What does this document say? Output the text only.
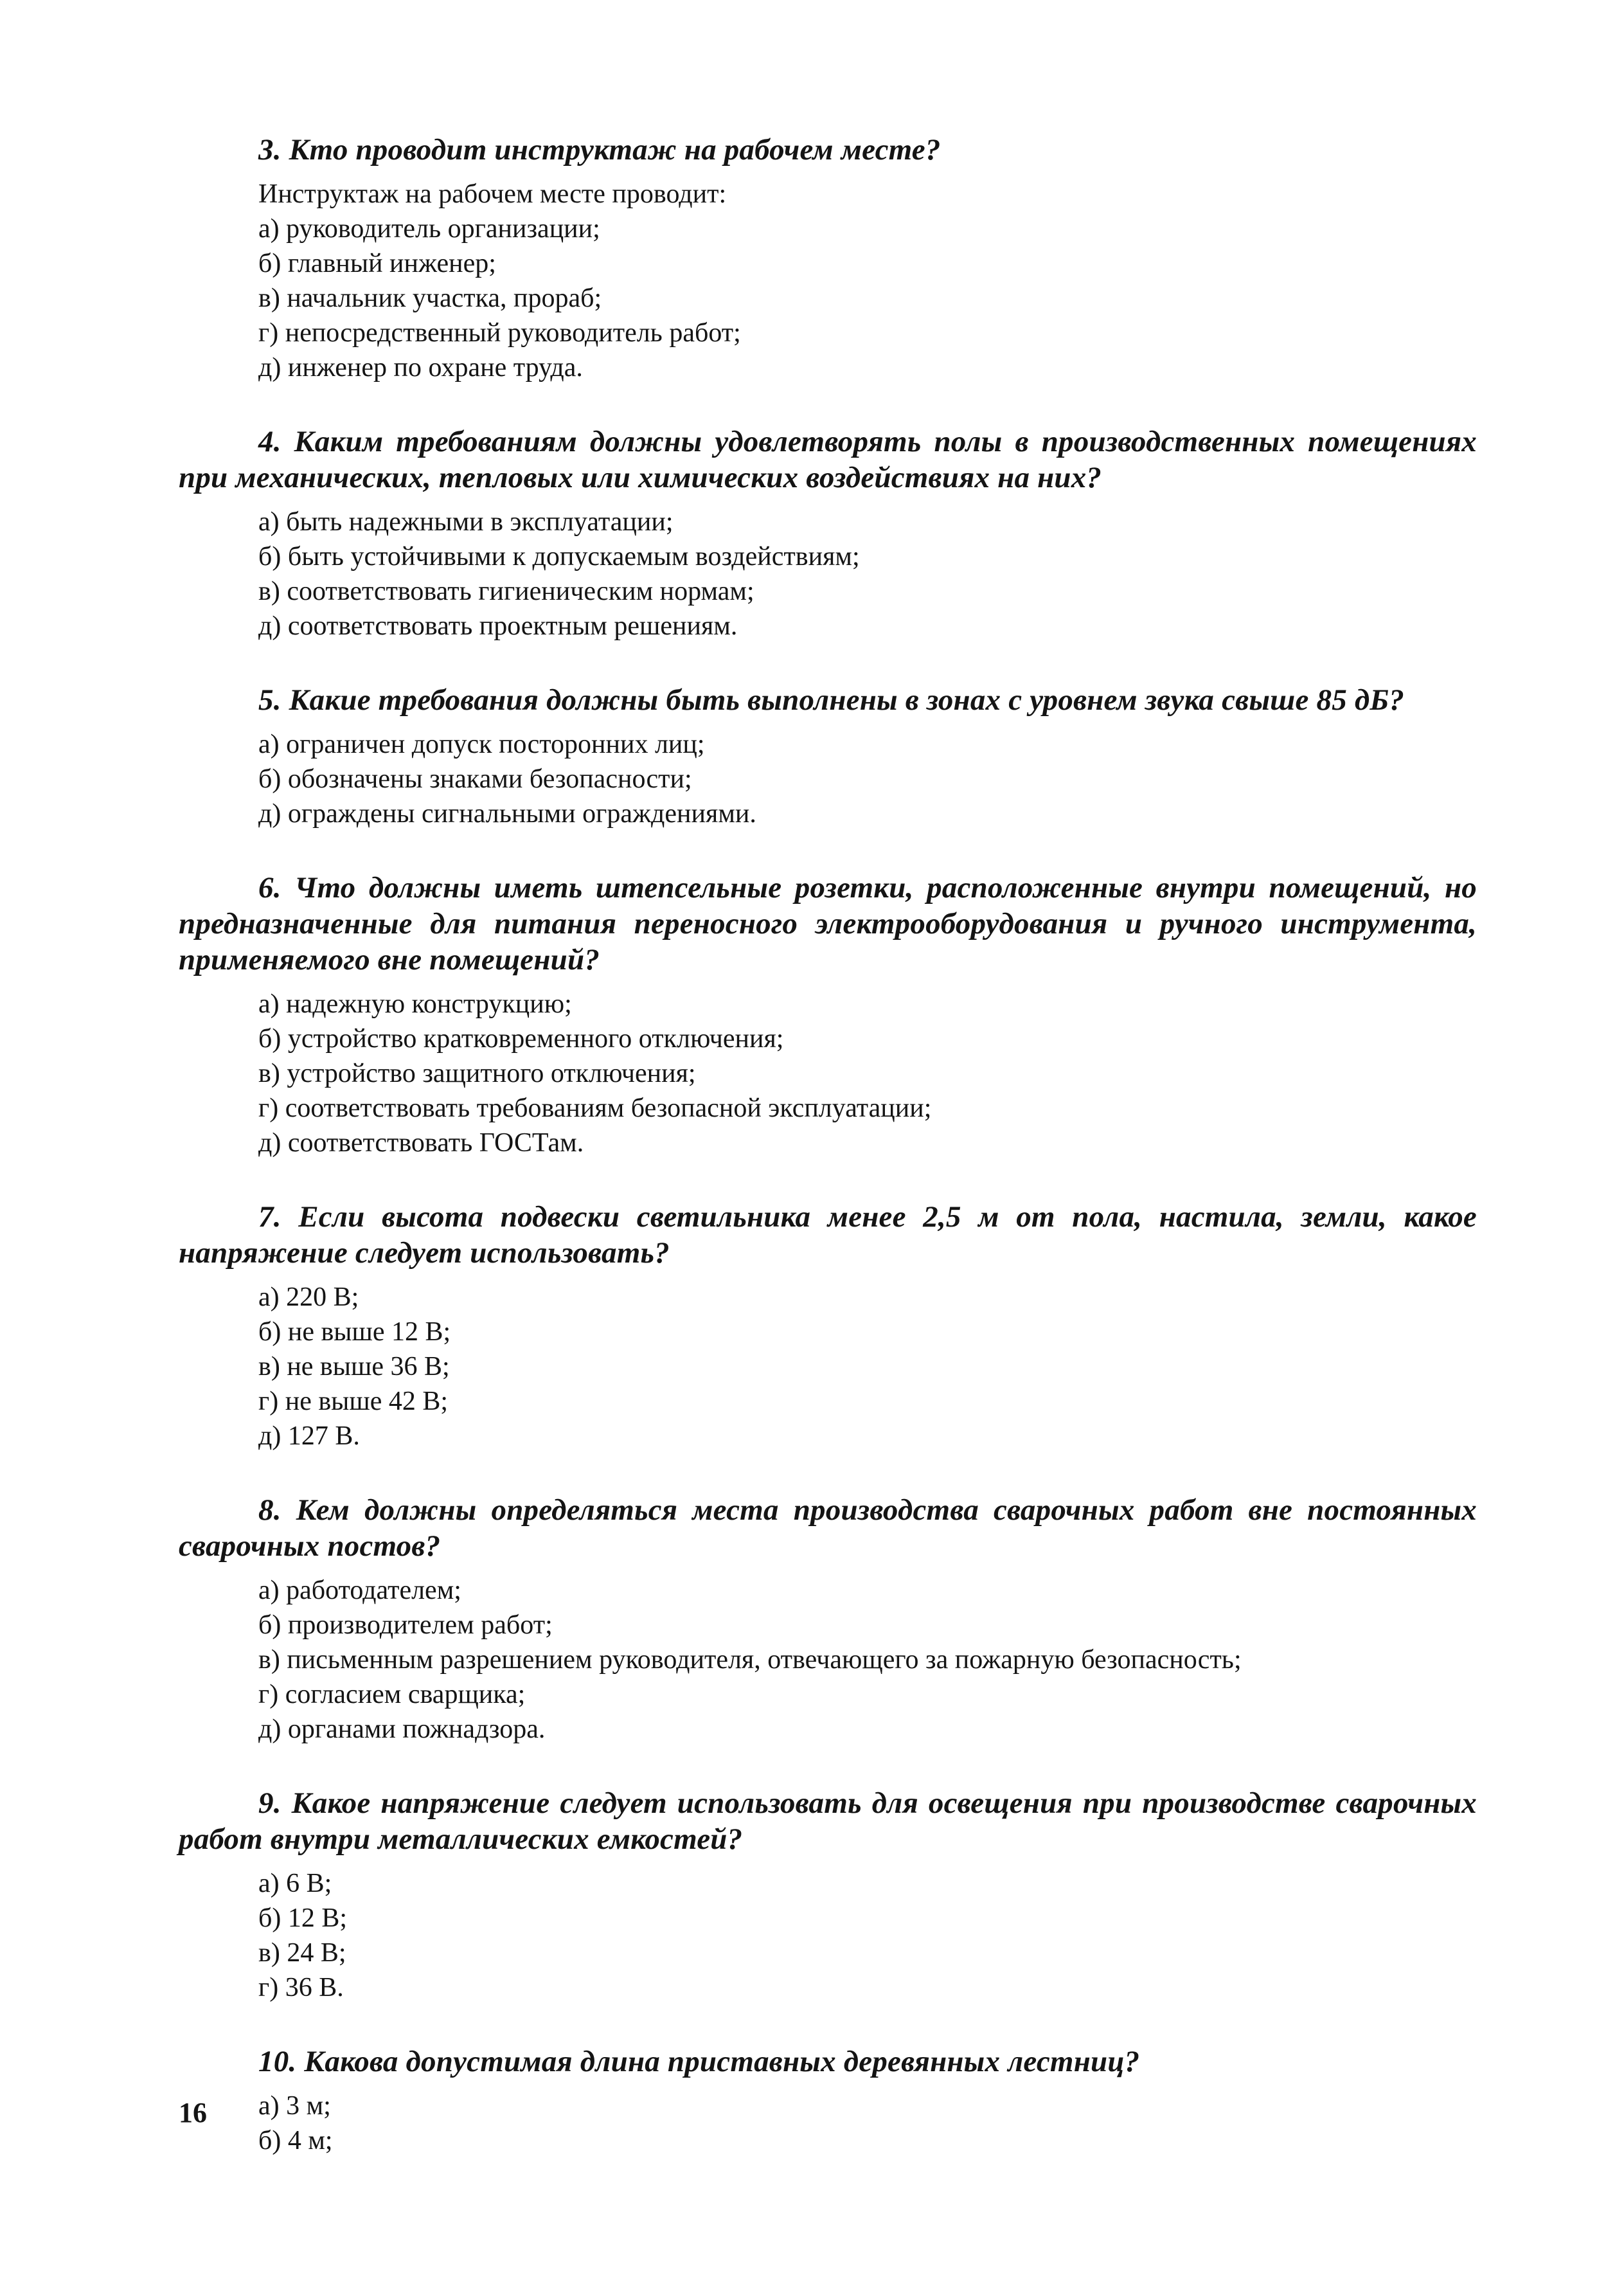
3. Кто проводит инструктаж на рабочем месте?

Инструктаж на рабочем месте проводит:

а) руководитель организации;
б) главный инженер;
в) начальник участка, прораб;
г) непосредственный руководитель работ;
д) инженер по охране труда.

4. Каким требованиям должны удовлетворять полы в производственных помещениях при механических, тепловых или химических воздействиях на них?

а) быть надежными в эксплуатации;
б) быть устойчивыми к допускаемым воздействиям;
в) соответствовать гигиеническим нормам;
д) соответствовать проектным решениям.

5. Какие требования должны быть выполнены в зонах с уровнем звука свыше 85 дБ?

а) ограничен допуск посторонних лиц;
б) обозначены знаками безопасности;
д) ограждены сигнальными ограждениями.

6. Что должны иметь штепсельные розетки, расположенные внутри помещений, но предназначенные для питания переносного электрооборудования и ручного инструмента, применяемого вне помещений?

а) надежную конструкцию;
б) устройство кратковременного отключения;
в) устройство защитного отключения;
г) соответствовать требованиям безопасной эксплуатации;
д) соответствовать ГОСТам.

7. Если высота подвески светильника менее 2,5 м от пола, настила, земли, какое напряжение следует использовать?

а) 220 В;
б) не выше 12 В;
в) не выше 36 В;
г) не выше 42 В;
д) 127 В.

8. Кем должны определяться места производства сварочных работ вне постоянных сварочных постов?

а) работодателем;
б) производителем работ;
в) письменным разрешением руководителя, отвечающего за пожарную безопасность;
г) согласием сварщика;
д) органами пожнадзора.

9. Какое напряжение следует использовать для освещения при производстве сварочных работ внутри металлических емкостей?

а) 6 В;
б) 12 В;
в) 24 В;
г) 36 В.

10. Какова допустимая длина приставных деревянных лестниц?

а) 3 м;
б) 4 м;
16
